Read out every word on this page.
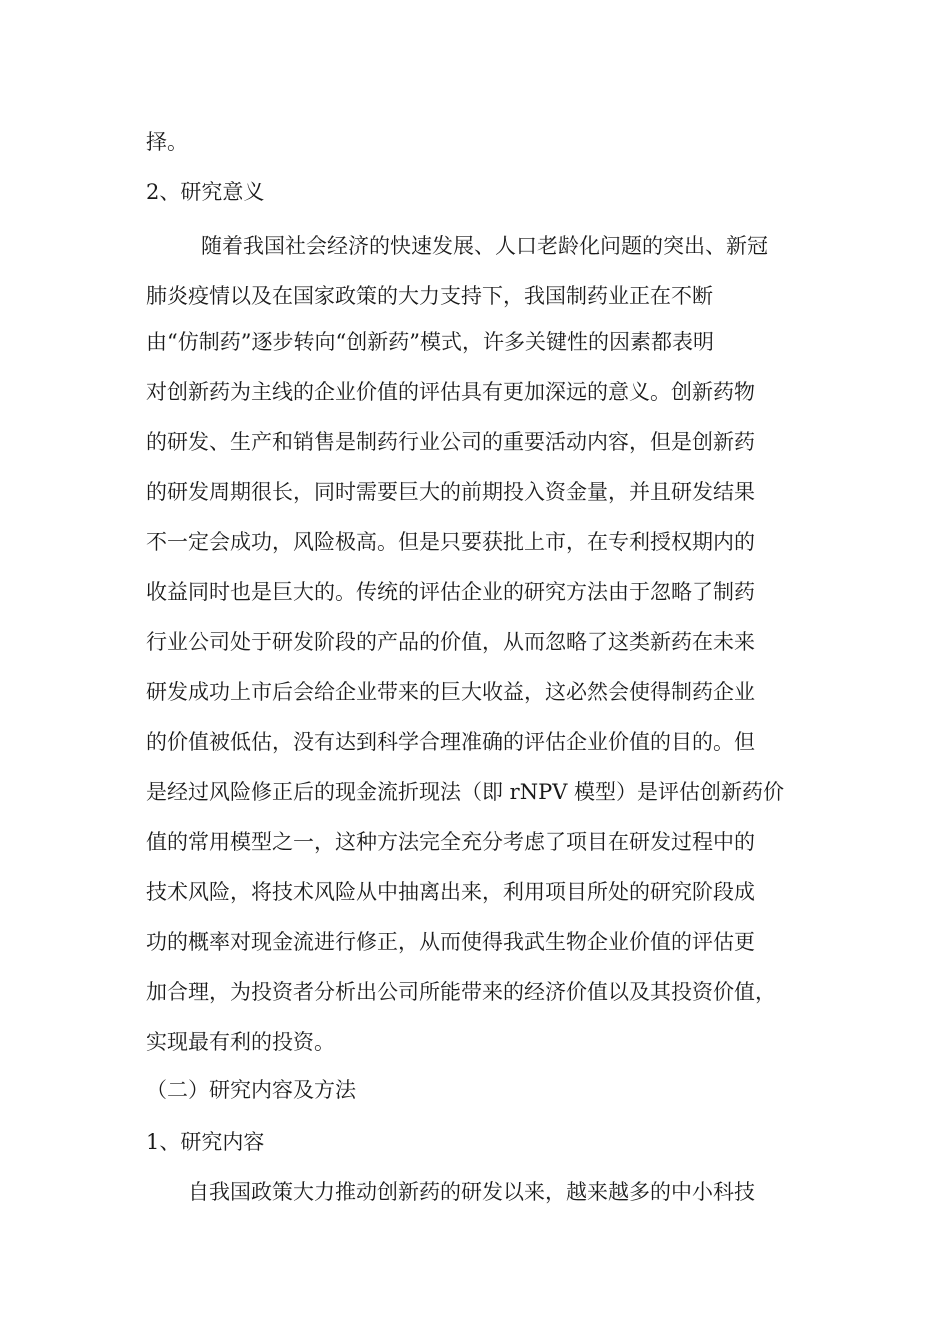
择。
2、研究意义
随着我国社会经济的快速发展、人口老龄化问题的突出、新冠
肺炎疫情以及在国家政策的大力支持下，我国制药业正在不断
由“仿制药”逐步转向“创新药”模式，许多关键性的因素都表明
对创新药为主线的企业价值的评估具有更加深远的意义。创新药物
的研发、生产和销售是制药行业公司的重要活动内容，但是创新药
的研发周期很长，同时需要巨大的前期投入资金量，并且研发结果
不一定会成功，风险极高。但是只要获批上市，在专利授权期内的
收益同时也是巨大的。传统的评估企业的研究方法由于忽略了制药
行业公司处于研发阶段的产品的价值，从而忽略了这类新药在未来
研发成功上市后会给企业带来的巨大收益，这必然会使得制药企业
的价值被低估，没有达到科学合理准确的评估企业价值的目的。但
是经过风险修正后的现金流折现法（即 rNPV 模型）是评估创新药价
值的常用模型之一，这种方法完全充分考虑了项目在研发过程中的
技术风险，将技术风险从中抽离出来，利用项目所处的研究阶段成
功的概率对现金流进行修正，从而使得我武生物企业价值的评估更
加合理，为投资者分析出公司所能带来的经济价值以及其投资价值，
实现最有利的投资。
（二）研究内容及方法
1、研究内容
自我国政策大力推动创新药的研发以来，越来越多的中小科技
